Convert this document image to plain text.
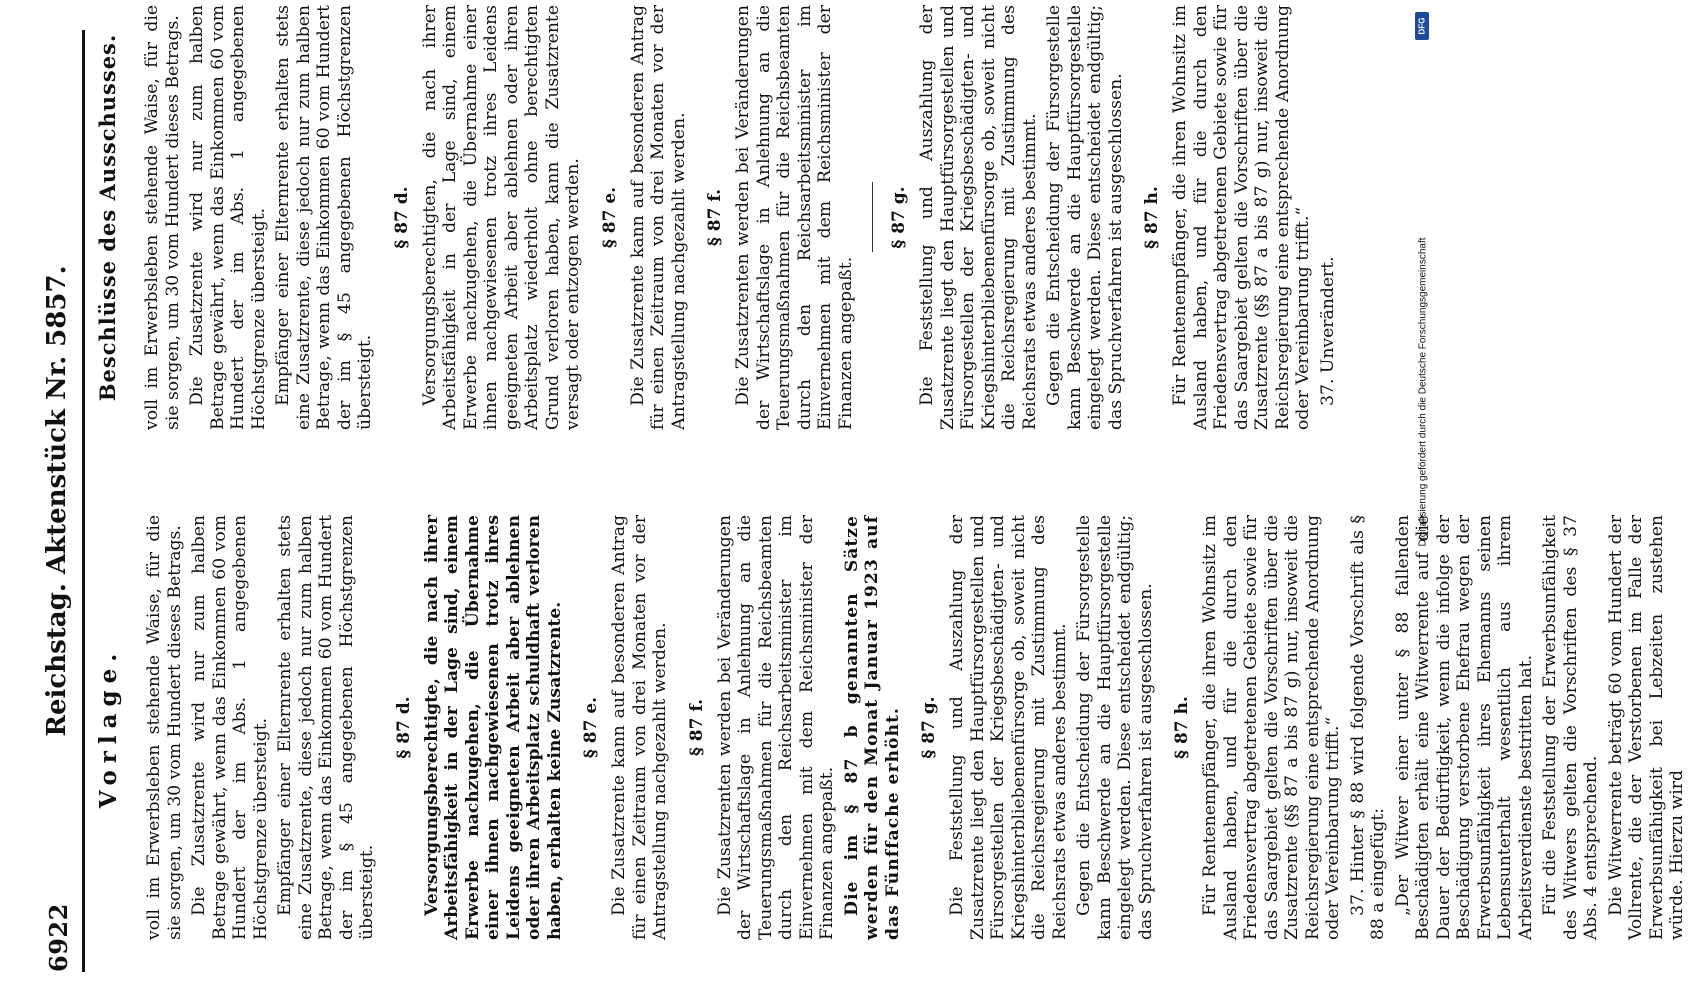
6922
Reichstag. Aktenstück Nr. 5857. Vorlage. voll im Erwerbsleben stehende Waise, für die sie sorgen, um 30 vom Hundert dieses Betrags. Die Zusatzrente wird nur zum halben Betrage gewährt, wenn das Einkommen 60 vom Hundert der im Abs. 1 angegebenen Höchstgrenze übersteigt. Empfänger einer Elternrente erhalten stets eine Zusatzrente, diese jedoch nur zum halben Betrage, wenn das Einkommen 60 vom Hundert der im § 45 angegebenen Höchstgrenzen übersteigt.

§ 87 d. Versorgungsberechtigte, die nach ihrer Arbeitsfähigkeit in der Lage sind, einem Erwerbe nachzugehen, die Übernahme einer ihnen nachgewiesenen trotz ihres Leidens geeigneten Arbeit aber ablehnen oder ihren Arbeitsplatz schuldhaft verloren haben, erhalten keine Zusatzrente. § 87 e. Die Zusatzrente kann auf besonderen Antrag für einen Zeitraum von drei Monaten vor der Antragstellung nachgezahlt werden. § 87 f. Die Zusatzrenten werden bei Veränderungen der Wirtschaftslage in Anlehnung an die Teuerungsmaßnahmen für die Reichsbeamten durch den Reichsarbeitsminister im Einvernehmen mit dem Reichsminister der Finanzen angepaßt. Die im § 87 b genannten Sätze werden für den Monat Januar 1923 auf das Fünffache erhöht. § 87 g. Die Feststellung und Auszahlung der Zusatzrente liegt den Hauptfürsorgestellen und Fürsorgestellen der Kriegsbeschädigten- und Kriegshinterbliebenenfürsorge ob, soweit nicht die Reichsregierung mit Zustimmung des Reichsrats etwas anderes bestimmt. Gegen die Entscheidung der Fürsorgestelle kann Beschwerde an die Hauptfürsorgestelle eingelegt werden. Diese entscheidet endgültig; das Spruchverfahren ist ausgeschlossen. § 87 h. Für Rentenempfänger, die ihren Wohnsitz im Ausland haben, und für die durch den Friedensvertrag abgetretenen Gebiete sowie für das Saargebiet gelten die Vorschriften über die Zusatzrente (§§ 87 a bis 87 g) nur, insoweit die Reichsregierung eine entsprechende Anordnung oder Vereinbarung trifft.“ 37. Hinter § 88 wird folgende Vorschrift als § 88 a eingefügt: „Der Witwer einer unter § 88 fallenden Beschädigten erhält eine Witwerrente auf die Dauer der Bedürftigkeit, wenn die infolge der Beschädigung verstorbene Ehefrau wegen der Erwerbsunfähigkeit ihres Ehemanns seinen Lebensunterhalt wesentlich aus ihrem Arbeitsverdienste bestritten hat. Für die Feststellung der Erwerbsunfähigkeit des Witwers gelten die Vorschriften des § 37 Abs. 4 entsprechend. Die Witwerrente beträgt 60 vom Hundert der Vollrente, die der Verstorbenen im Falle der Erwerbsunfähigkeit bei Lebzeiten zustehen würde. Hierzu wird

Beschlüsse des Ausschusses. voll im Erwerbsleben stehende Waise, für die sie sorgen, um 30 vom Hundert dieses Betrags. Die Zusatzrente wird nur zum halben Betrage gewährt, wenn das Einkommen 60 vom Hundert der im Abs. 1 angegebenen Höchstgrenze übersteigt. Empfänger einer Elternrente erhalten stets eine Zusatzrente, diese jedoch nur zum halben Betrage, wenn das Einkommen 60 vom Hundert der im § 45 angegebenen Höchstgrenzen übersteigt.

§ 87 d. Versorgungsberechtigten, die nach ihrer Arbeitsfähigkeit in der Lage sind, einem Erwerbe nachzugehen, die Übernahme einer ihnen nachgewiesenen trotz ihres Leidens geeigneten Arbeit aber ablehnen oder ihren Arbeitsplatz wiederholt ohne berechtigten Grund verloren haben, kann die Zusatzrente versagt oder entzogen werden. § 87 e. Die Zusatzrente kann auf besonderen Antrag für einen Zeitraum von drei Monaten vor der Antragstellung nachgezahlt werden. § 87 f. Die Zusatzrenten werden bei Veränderungen der Wirtschaftslage in Anlehnung an die Teuerungsmaßnahmen für die Reichsbeamten durch den Reichsarbeitsminister im Einvernehmen mit dem Reichsminister der Finanzen angepaßt.

§ 87 g. Die Feststellung und Auszahlung der Zusatzrente liegt den Hauptfürsorgestellen und Fürsorgestellen der Kriegsbeschädigten- und Kriegshinterbliebenenfürsorge ob, soweit nicht die Reichsregierung mit Zustimmung des Reichsrats etwas anderes bestimmt. Gegen die Entscheidung der Fürsorgestelle kann Beschwerde an die Hauptfürsorgestelle eingelegt werden. Diese entscheidet endgültig; das Spruchverfahren ist ausgeschlossen. § 87 h. Für Rentenempfänger, die ihren Wohnsitz im Ausland haben, und für die durch den Friedensvertrag abgetretenen Gebiete sowie für das Saargebiet gelten die Vorschriften über die Zusatzrente (§§ 87 a bis 87 g) nur, insoweit die Reichsregierung eine entsprechende Anordnung oder Vereinbarung trifft.“ 37. Unverändert.

DFG
Digitalisierung gefördert durch die Deutsche Forschungsgemeinschaft
